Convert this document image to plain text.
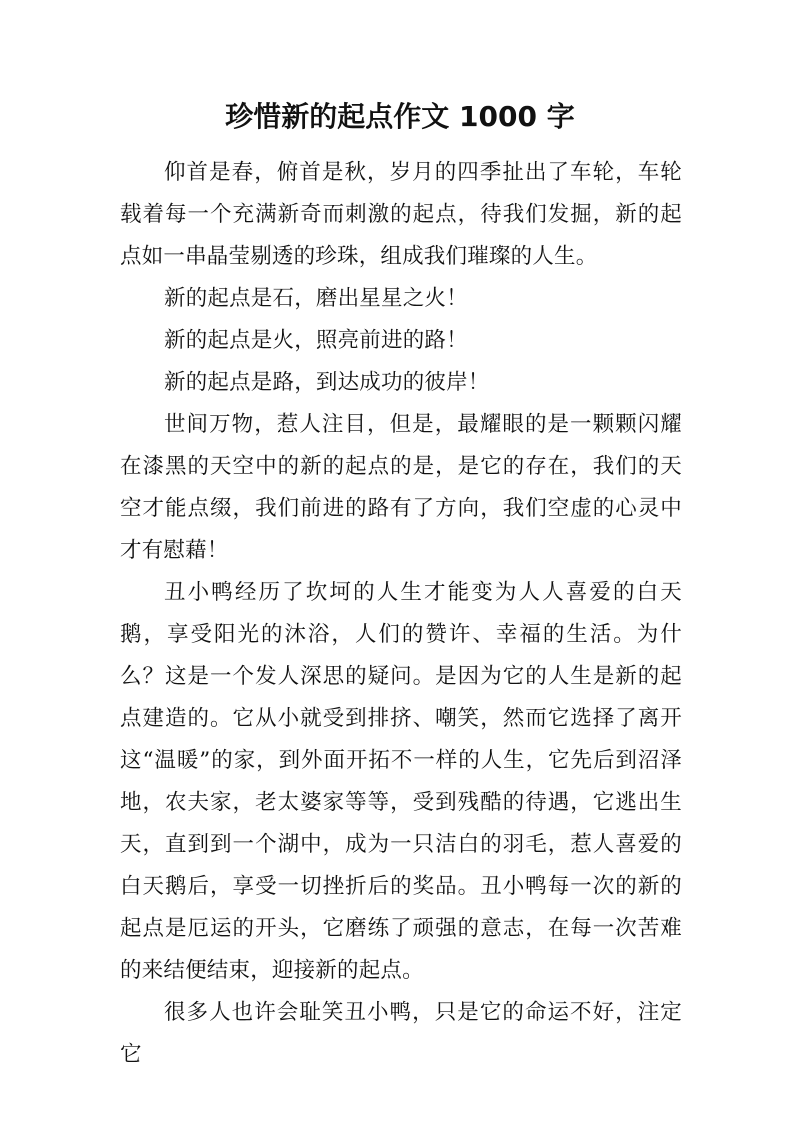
珍惜新的起点作文 1000 字

仰首是春，俯首是秋，岁月的四季扯出了车轮，车轮载着每一个充满新奇而刺激的起点，待我们发掘，新的起点如一串晶莹剔透的珍珠，组成我们璀璨的人生。

新的起点是石，磨出星星之火！

新的起点是火，照亮前进的路！

新的起点是路，到达成功的彼岸！

世间万物，惹人注目，但是，最耀眼的是一颗颗闪耀在漆黑的天空中的新的起点的是，是它的存在，我们的天空才能点缀，我们前进的路有了方向，我们空虚的心灵中才有慰藉！

丑小鸭经历了坎坷的人生才能变为人人喜爱的白天鹅，享受阳光的沐浴，人们的赞许、幸福的生活。为什么？这是一个发人深思的疑问。是因为它的人生是新的起点建造的。它从小就受到排挤、嘲笑，然而它选择了离开这“温暖”的家，到外面开拓不一样的人生，它先后到沼泽地，农夫家，老太婆家等等，受到残酷的待遇，它逃出生天，直到到一个湖中，成为一只洁白的羽毛，惹人喜爱的白天鹅后，享受一切挫折后的奖品。丑小鸭每一次的新的起点是厄运的开头，它磨练了顽强的意志，在每一次苦难的来结便结束，迎接新的起点。

很多人也许会耻笑丑小鸭，只是它的命运不好，注定它
